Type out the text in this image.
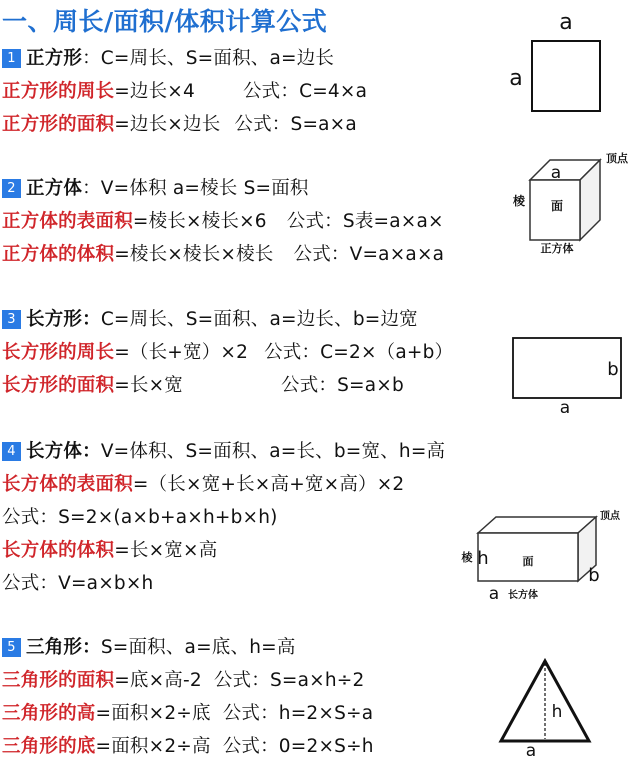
一、周长/面积/体积计算公式
1 正方形：C=周长、S=面积、a=边长
正方形的周长=边长×4	公式：C=4×a
正方形的面积=边长×边长 公式：S=a×a
a
a
2 正方体：V=体积 a=棱长 S=面积
正方体的表面积=棱长×棱长×6 公式：S表=a×a×
正方体的体积=棱长×棱长×棱长 公式：V=a×a×a
a
棱 面
顶点
正方体
3 长方形：C=周长、S=面积、a=边长、b=边宽
长方形的周长=（长+宽）×2 公式：C=2×（a+b）
长方形的面积=长×宽	公式：S=a×b
b
a
4 长方体：V=体积、S=面积、a=长、b=宽、h=高
长方体的表面积=（长×宽+长×高+宽×高）×2
公式：S=2×(a×b+a×h+b×h)
长方体的体积=长×宽×高
公式：V=a×b×h
顶点
棱 h	面
b
a 长方体
5 三角形：S=面积、a=底、h=高
三角形的面积=底×高-2 公式：S=a×h÷2
三角形的高=面积×2÷底 公式：h=2×S÷a
三角形的底=面积×2÷高 公式：0=2×S÷h
h
a
